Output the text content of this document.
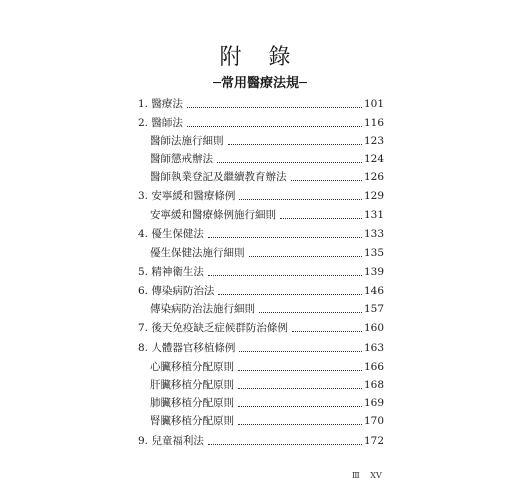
附 錄
─常用醫療法規─
1. 醫療法	101
2. 醫師法	116
醫師法施行細則	123
醫師懲戒辦法	124
醫師執業登記及繼續教育辦法	126
3. 安寧緩和醫療條例	129
安寧緩和醫療條例施行細則	131
4. 優生保健法	133
優生保健法施行細則	135
5. 精神衛生法	139
6. 傳染病防治法	146
傳染病防治法施行細則	157
7. 後天免疫缺乏症候群防治條例	160
8. 人體器官移植條例	163
心臟移植分配原則	166
肝臟移植分配原則	168
肺臟移植分配原則	169
腎臟移植分配原則	170
9. 兒童福利法	172
Ⅲ XV
